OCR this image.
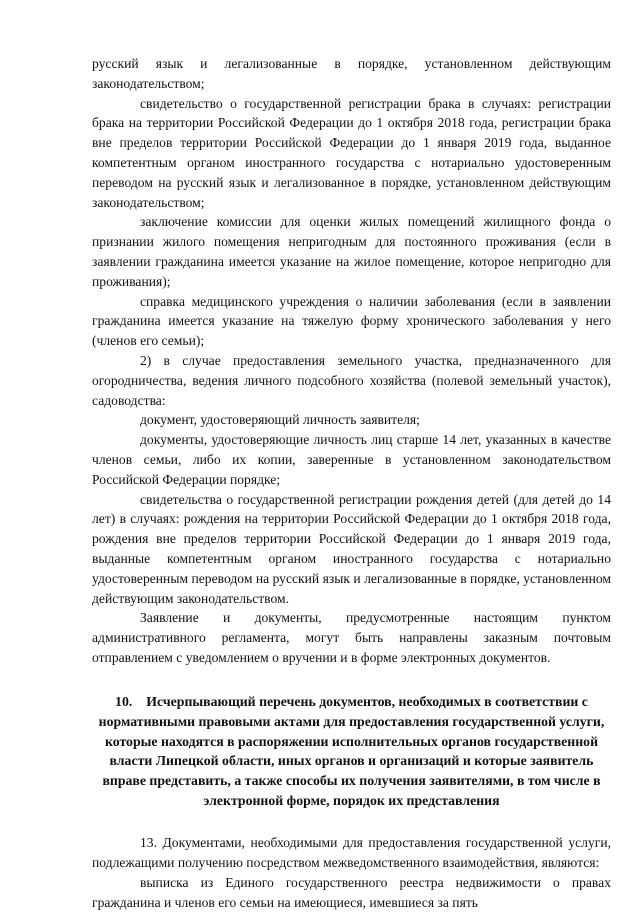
русский язык и легализованные в порядке, установленном действующим законодательством;

свидетельство о государственной регистрации брака в случаях: регистрации брака на территории Российской Федерации до 1 октября 2018 года, регистрации брака вне пределов территории Российской Федерации до 1 января 2019 года, выданное компетентным органом иностранного государства с нотариально удостоверенным переводом на русский язык и легализованное в порядке, установленном действующим законодательством;

заключение комиссии для оценки жилых помещений жилищного фонда о признании жилого помещения непригодным для постоянного проживания (если в заявлении гражданина имеется указание на жилое помещение, которое непригодно для проживания);

справка медицинского учреждения о наличии заболевания (если в заявлении гражданина имеется указание на тяжелую форму хронического заболевания у него (членов его семьи);

2) в случае предоставления земельного участка, предназначенного для огородничества, ведения личного подсобного хозяйства (полевой земельный участок), садоводства:

документ, удостоверяющий личность заявителя;

документы, удостоверяющие личность лиц старше 14 лет, указанных в качестве членов семьи, либо их копии, заверенные в установленном законодательством Российской Федерации порядке;

свидетельства о государственной регистрации рождения детей (для детей до 14 лет) в случаях: рождения на территории Российской Федерации до 1 октября 2018 года, рождения вне пределов территории Российской Федерации до 1 января 2019 года, выданные компетентным органом иностранного государства с нотариально удостоверенным переводом на русский язык и легализованные в порядке, установленном действующим законодательством.

Заявление и документы, предусмотренные настоящим пунктом административного регламента, могут быть направлены заказным почтовым отправлением с уведомлением о вручении и в форме электронных документов.

10. Исчерпывающий перечень документов, необходимых в соответствии с нормативными правовыми актами для предоставления государственной услуги, которые находятся в распоряжении исполнительных органов государственной власти Липецкой области, иных органов и организаций и которые заявитель вправе представить, а также способы их получения заявителями, в том числе в электронной форме, порядок их представления

13. Документами, необходимыми для предоставления государственной услуги, подлежащими получению посредством межведомственного взаимодействия, являются:

выписка из Единого государственного реестра недвижимости о правах гражданина и членов его семьи на имеющиеся, имевшиеся за пять
